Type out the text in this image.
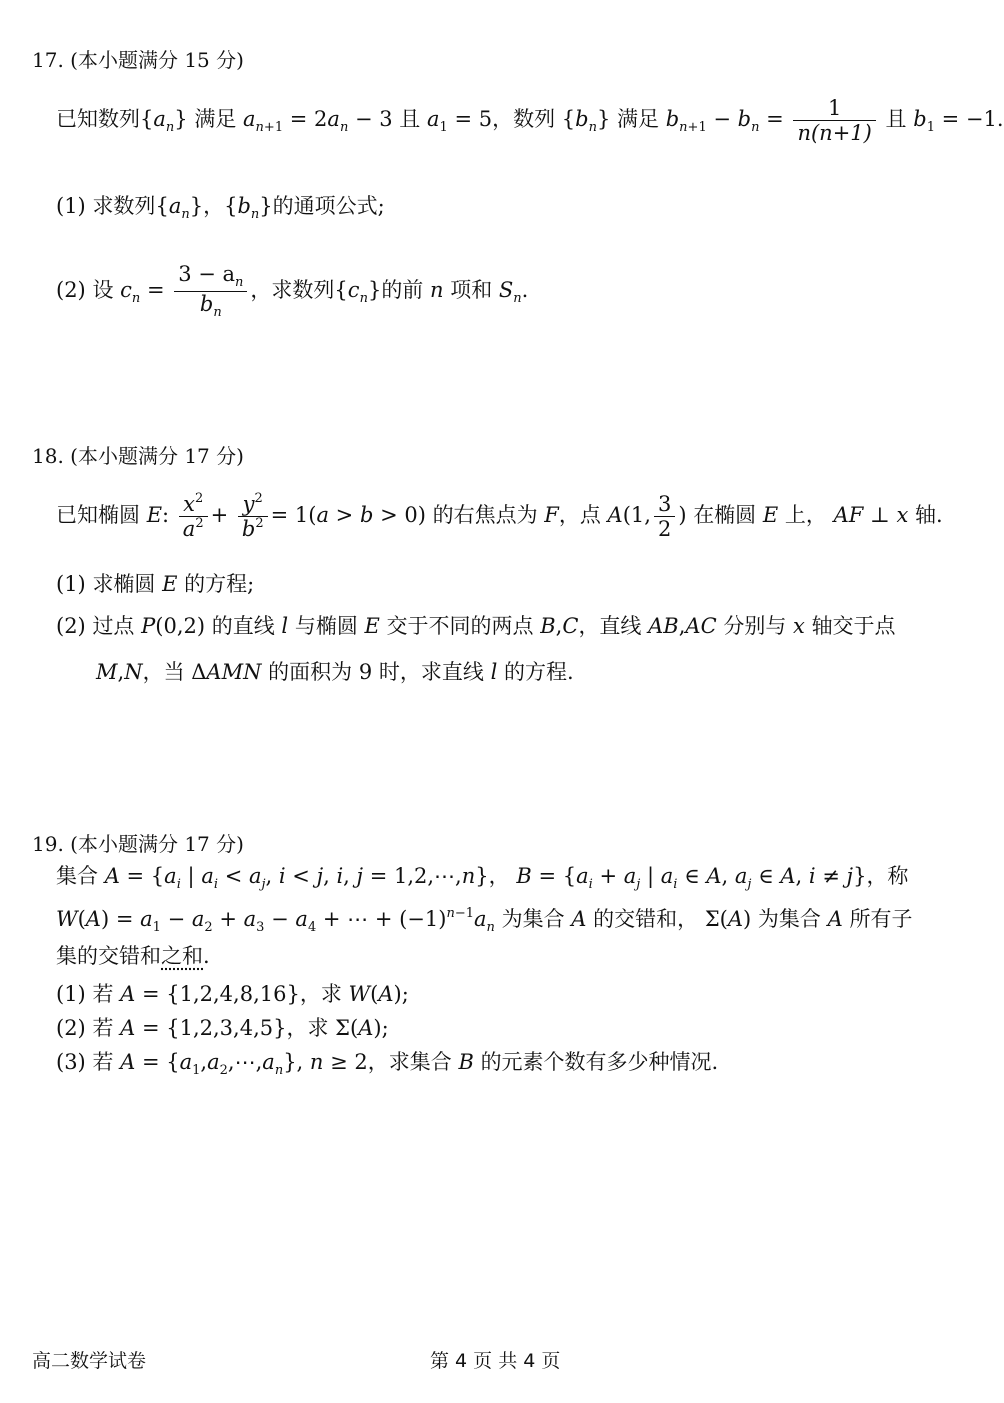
17. (本小题满分 15 分)
已知数列$\{a_n\}$ 满足 $a_{n+1} = 2a_n - 3$ 且 $a_1 = 5$，数列 $\{b_n\}$ 满足 $b_{n+1} - b_n = \frac{1}{n(n+1)}$ 且 $b_1 = -1$.
(1) 求数列$\{a_n\}$，$\{b_n\}$的通项公式;
(2) 设 $c_n = \frac{3 - a_n}{b_n}$ ，求数列$\{c_n\}$的前 n 项和 $S_n$.
18. (本小题满分 17 分)
已知椭圆 E: $\frac{x^2}{a^2} + \frac{y^2}{b^2} = 1(a > b > 0)$ 的右焦点为 F，点 A(1, $\frac{3}{2}$ ) 在椭圆 E 上， AF ⊥ x 轴.
(1) 求椭圆 E 的方程;
(2) 过点 P(0,2) 的直线 l 与椭圆 E 交于不同的两点 B,C，直线 AB,AC 分别与 x 轴交于点
M,N，当 ΔAMN 的面积为 9 时，求直线 l 的方程.
19. (本小题满分 17 分)
集合 $A = \{a_i$ | $a_i < a_j$, i < j, i, j = 1,2,⋯,n}， $B = \{a_i + a_j$ | $a_i$ ∈ A, $a_j$ ∈ A, i ≠ j}，称
$W(A) = a_1 - a_2 + a_3 - a_4$ + ⋯ + $(-1)^{n-1}a_n$ 为集合 A 的交错和， Σ(A) 为集合 A 所有子
集的交错和之和.
(1) 若 A = {1,2,4,8,16}，求 W(A);
(2) 若 A = {1,2,3,4,5}，求 Σ(A);
(3) 若 $A = \{a_1,a_2,\cdots,a_n\}$, n ≥ 2，求集合 B 的元素个数有多少种情况.
高二数学试卷	第 4 页 共 4 页
